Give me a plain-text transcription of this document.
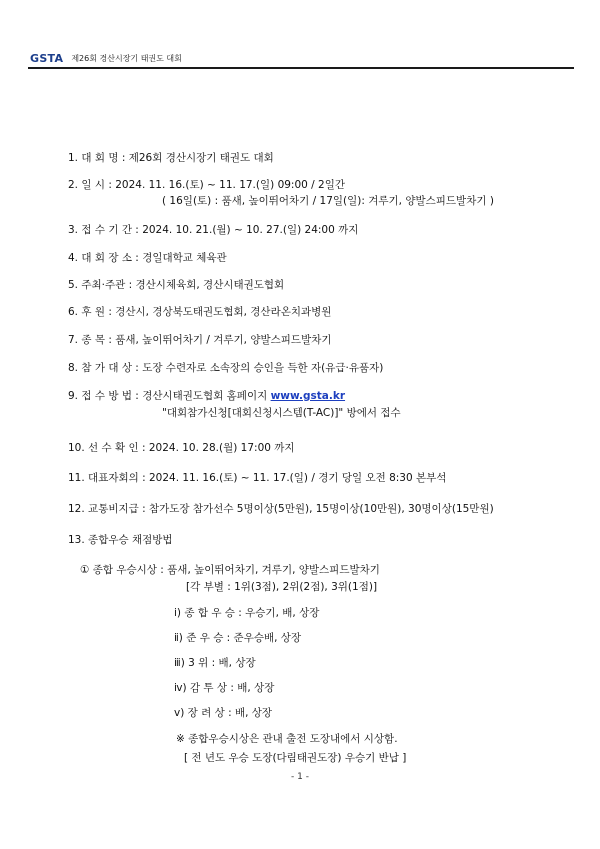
GSTA 제26회 경산시장기 태권도 대회
1. 대 회 명 : 제26회 경산시장기 태권도 대회
2. 일 시 : 2024. 11. 16.(토) ~ 11. 17.(일) 09:00 / 2일간
( 16일(토) : 품새, 높이뛰어차기 / 17일(일): 겨루기, 양발스피드발차기 )
3. 접 수 기 간 : 2024. 10. 21.(월) ~ 10. 27.(일) 24:00 까지
4. 대 회 장 소 : 경일대학교 체육관
5. 주최·주관 : 경산시체육회, 경산시태권도협회
6. 후 원 : 경산시, 경상북도태권도협회, 경산라온치과병원
7. 종 목 : 품새, 높이뛰어차기 / 겨루기, 양발스피드발차기
8. 참 가 대 상 : 도장 수련자로 소속장의 승인을 득한 자(유급·유품자)
9. 접 수 방 법 : 경산시태권도협회 홈페이지 www.gsta.kr
"대회참가신청[대회신청시스템(T-AC)]" 방에서 접수
10. 선 수 확 인 : 2024. 10. 28.(월) 17:00 까지
11. 대표자회의 : 2024. 11. 16.(토) ~ 11. 17.(일) / 경기 당일 오전 8:30 본부석
12. 교통비지급 : 참가도장 참가선수 5명이상(5만원), 15명이상(10만원), 30명이상(15만원)
13. 종합우승 채점방법
① 종합 우승시상 : 품새, 높이뛰어차기, 겨루기, 양발스피드발차기
[각 부별 : 1위(3점), 2위(2점), 3위(1점)]
ⅰ) 종 합 우 승 : 우승기, 배, 상장
ⅱ) 준 우 승 : 준우승배, 상장
ⅲ) 3 위 : 배, 상장
ⅳ) 감 투 상 : 배, 상장
ⅴ) 장 려 상 : 배, 상장
※ 종합우승시상은 관내 출전 도장내에서 시상함.
[ 전 년도 우승 도장(다림태권도장) 우승기 반납 ]
- 1 -
